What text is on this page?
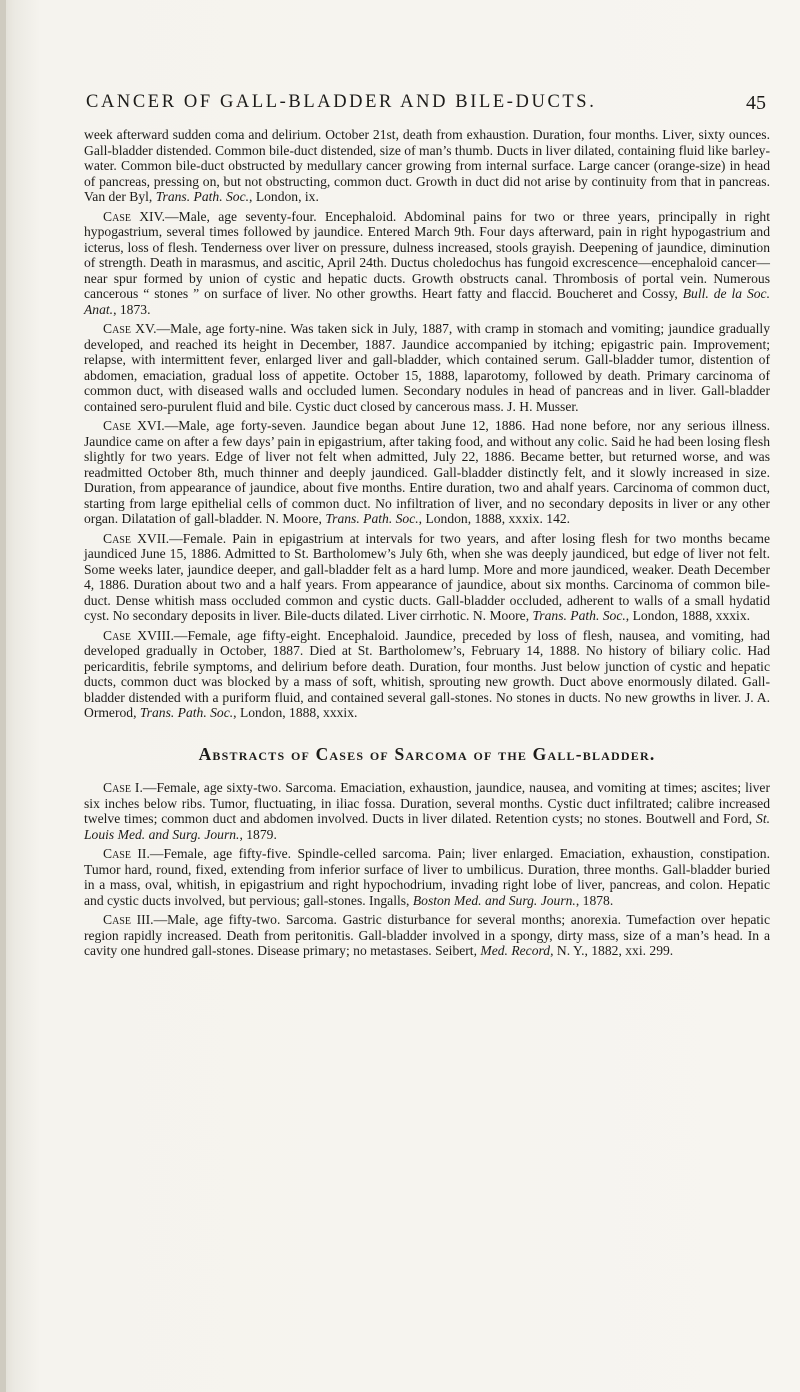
CANCER OF GALL-BLADDER AND BILE-DUCTS.	45

week afterward sudden coma and delirium. October 21st, death from exhaustion. Duration, four months. Liver, sixty ounces. Gall-bladder distended. Common bile-duct distended, size of man’s thumb. Ducts in liver dilated, containing fluid like barley-water. Common bile-duct obstructed by medullary cancer growing from internal surface. Large cancer (orange-size) in head of pancreas, pressing on, but not obstructing, common duct. Growth in duct did not arise by continuity from that in pancreas. Van der Byl, Trans. Path. Soc., London, ix.

Case XIV.—Male, age seventy-four. Encephaloid. Abdominal pains for two or three years, principally in right hypogastrium, several times followed by jaundice. Entered March 9th. Four days afterward, pain in right hypogastrium and icterus, loss of flesh. Tenderness over liver on pressure, dulness increased, stools grayish. Deepening of jaundice, diminution of strength. Death in marasmus, and ascitic, April 24th. Ductus choledochus has fungoid excrescence—encephaloid cancer—near spur formed by union of cystic and hepatic ducts. Growth obstructs canal. Thrombosis of portal vein. Numerous cancerous “ stones ” on surface of liver. No other growths. Heart fatty and flaccid. Boucheret and Cossy, Bull. de la Soc. Anat., 1873.

Case XV.—Male, age forty-nine. Was taken sick in July, 1887, with cramp in stomach and vomiting; jaundice gradually developed, and reached its height in December, 1887. Jaundice accompanied by itching; epigastric pain. Improvement; relapse, with intermittent fever, enlarged liver and gall-bladder, which contained serum. Gall-bladder tumor, distention of abdomen, emaciation, gradual loss of appetite. October 15, 1888, laparotomy, followed by death. Primary carcinoma of common duct, with diseased walls and occluded lumen. Secondary nodules in head of pancreas and in liver. Gall-bladder contained sero-purulent fluid and bile. Cystic duct closed by cancerous mass. J. H. Musser.

Case XVI.—Male, age forty-seven. Jaundice began about June 12, 1886. Had none before, nor any serious illness. Jaundice came on after a few days’ pain in epigastrium, after taking food, and without any colic. Said he had been losing flesh slightly for two years. Edge of liver not felt when admitted, July 22, 1886. Became better, but returned worse, and was readmitted October 8th, much thinner and deeply jaundiced. Gall-bladder distinctly felt, and it slowly increased in size. Duration, from appearance of jaundice, about five months. Entire duration, two and ahalf years. Carcinoma of common duct, starting from large epithelial cells of common duct. No infiltration of liver, and no secondary deposits in liver or any other organ. Dilatation of gall-bladder. N. Moore, Trans. Path. Soc., London, 1888, xxxix. 142.

Case XVII.—Female. Pain in epigastrium at intervals for two years, and after losing flesh for two months became jaundiced June 15, 1886. Admitted to St. Bartholomew’s July 6th, when she was deeply jaundiced, but edge of liver not felt. Some weeks later, jaundice deeper, and gall-bladder felt as a hard lump. More and more jaundiced, weaker. Death December 4, 1886. Duration about two and a half years. From appearance of jaundice, about six months. Carcinoma of common bile-duct. Dense whitish mass occluded common and cystic ducts. Gall-bladder occluded, adherent to walls of a small hydatid cyst. No secondary deposits in liver. Bile-ducts dilated. Liver cirrhotic. N. Moore, Trans. Path. Soc., London, 1888, xxxix.

Case XVIII.—Female, age fifty-eight. Encephaloid. Jaundice, preceded by loss of flesh, nausea, and vomiting, had developed gradually in October, 1887. Died at St. Bartholomew’s, February 14, 1888. No history of biliary colic. Had pericarditis, febrile symptoms, and delirium before death. Duration, four months. Just below junction of cystic and hepatic ducts, common duct was blocked by a mass of soft, whitish, sprouting new growth. Duct above enormously dilated. Gall-bladder distended with a puriform fluid, and contained several gall-stones. No stones in ducts. No new growths in liver. J. A. Ormerod, Trans. Path. Soc., London, 1888, xxxix.

Abstracts of Cases of Sarcoma of the Gall-bladder.

Case I.—Female, age sixty-two. Sarcoma. Emaciation, exhaustion, jaundice, nausea, and vomiting at times; ascites; liver six inches below ribs. Tumor, fluctuating, in iliac fossa. Duration, several months. Cystic duct infiltrated; calibre increased twelve times; common duct and abdomen involved. Ducts in liver dilated. Retention cysts; no stones. Boutwell and Ford, St. Louis Med. and Surg. Journ., 1879.

Case II.—Female, age fifty-five. Spindle-celled sarcoma. Pain; liver enlarged. Emaciation, exhaustion, constipation. Tumor hard, round, fixed, extending from inferior surface of liver to umbilicus. Duration, three months. Gall-bladder buried in a mass, oval, whitish, in epigastrium and right hypochodrium, invading right lobe of liver, pancreas, and colon. Hepatic and cystic ducts involved, but pervious; gall-stones. Ingalls, Boston Med. and Surg. Journ., 1878.

Case III.—Male, age fifty-two. Sarcoma. Gastric disturbance for several months; anorexia. Tumefaction over hepatic region rapidly increased. Death from peritonitis. Gall-bladder involved in a spongy, dirty mass, size of a man’s head. In a cavity one hundred gall-stones. Disease primary; no metastases. Seibert, Med. Record, N. Y., 1882, xxi. 299.
